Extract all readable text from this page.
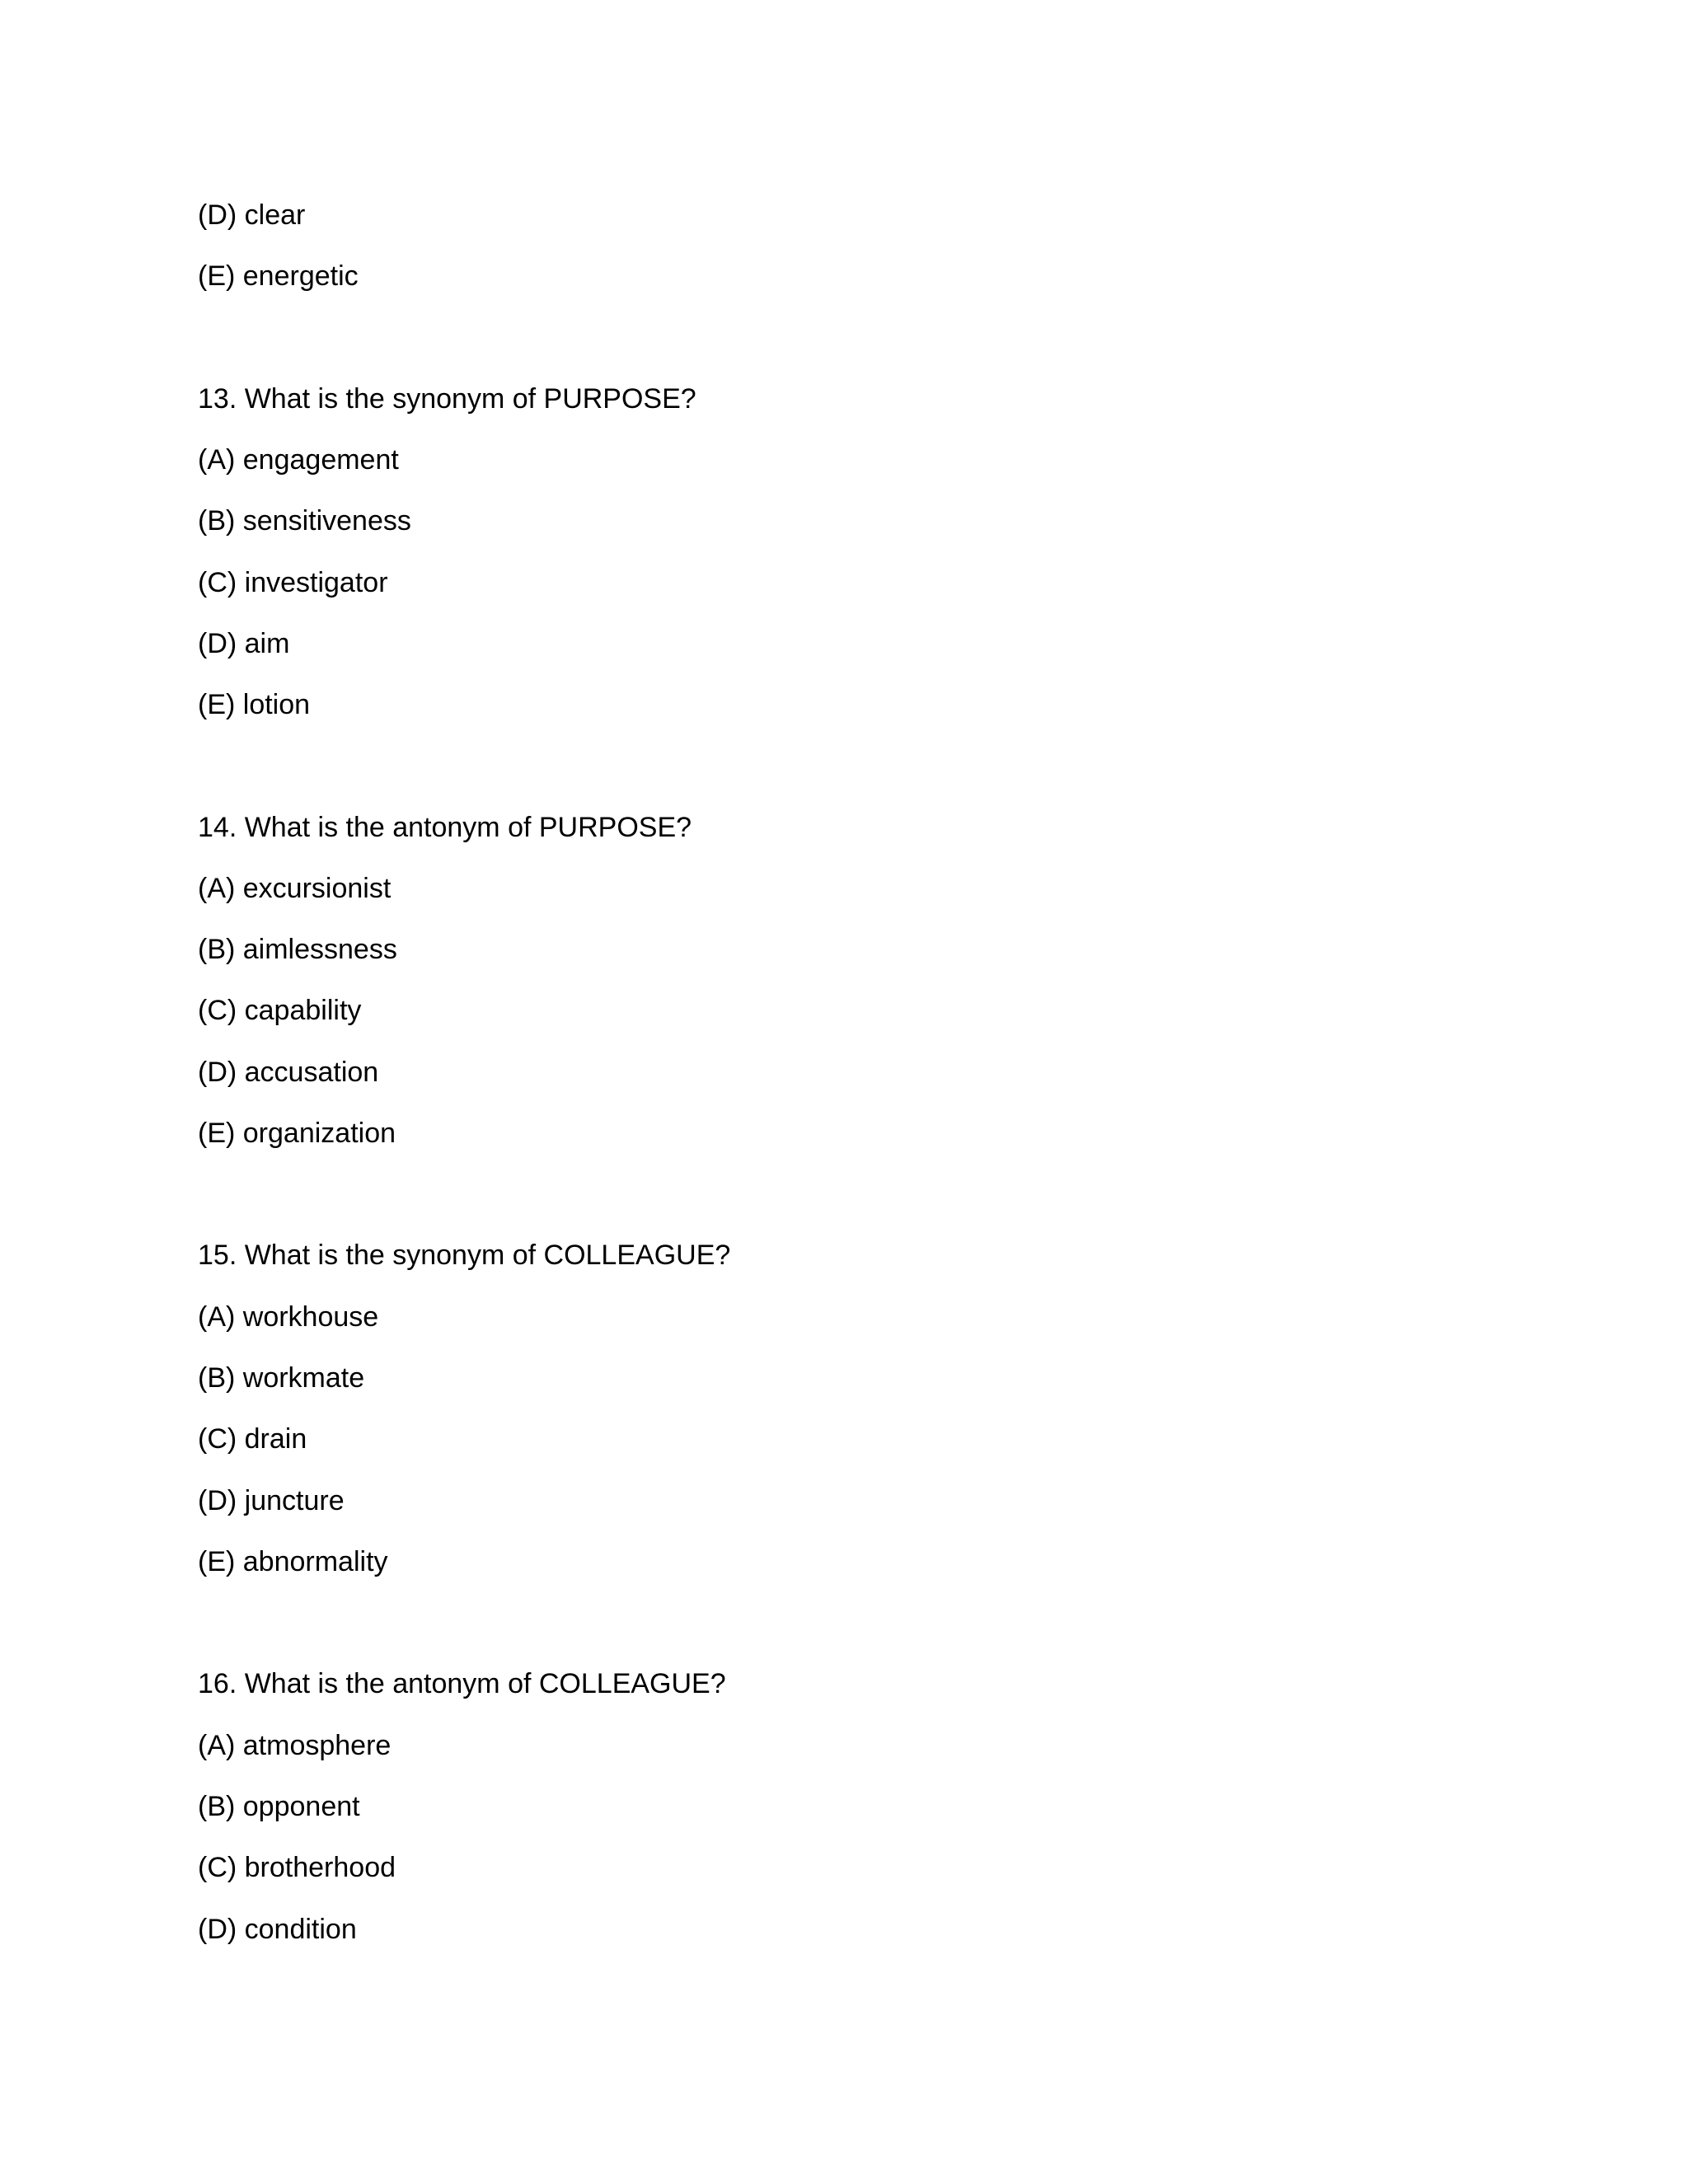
(D) clear
(E) energetic
13. What is the synonym of PURPOSE?
(A) engagement
(B) sensitiveness
(C) investigator
(D) aim
(E) lotion
14. What is the antonym of PURPOSE?
(A) excursionist
(B) aimlessness
(C) capability
(D) accusation
(E) organization
15. What is the synonym of COLLEAGUE?
(A) workhouse
(B) workmate
(C) drain
(D) juncture
(E) abnormality
16. What is the antonym of COLLEAGUE?
(A) atmosphere
(B) opponent
(C) brotherhood
(D) condition
